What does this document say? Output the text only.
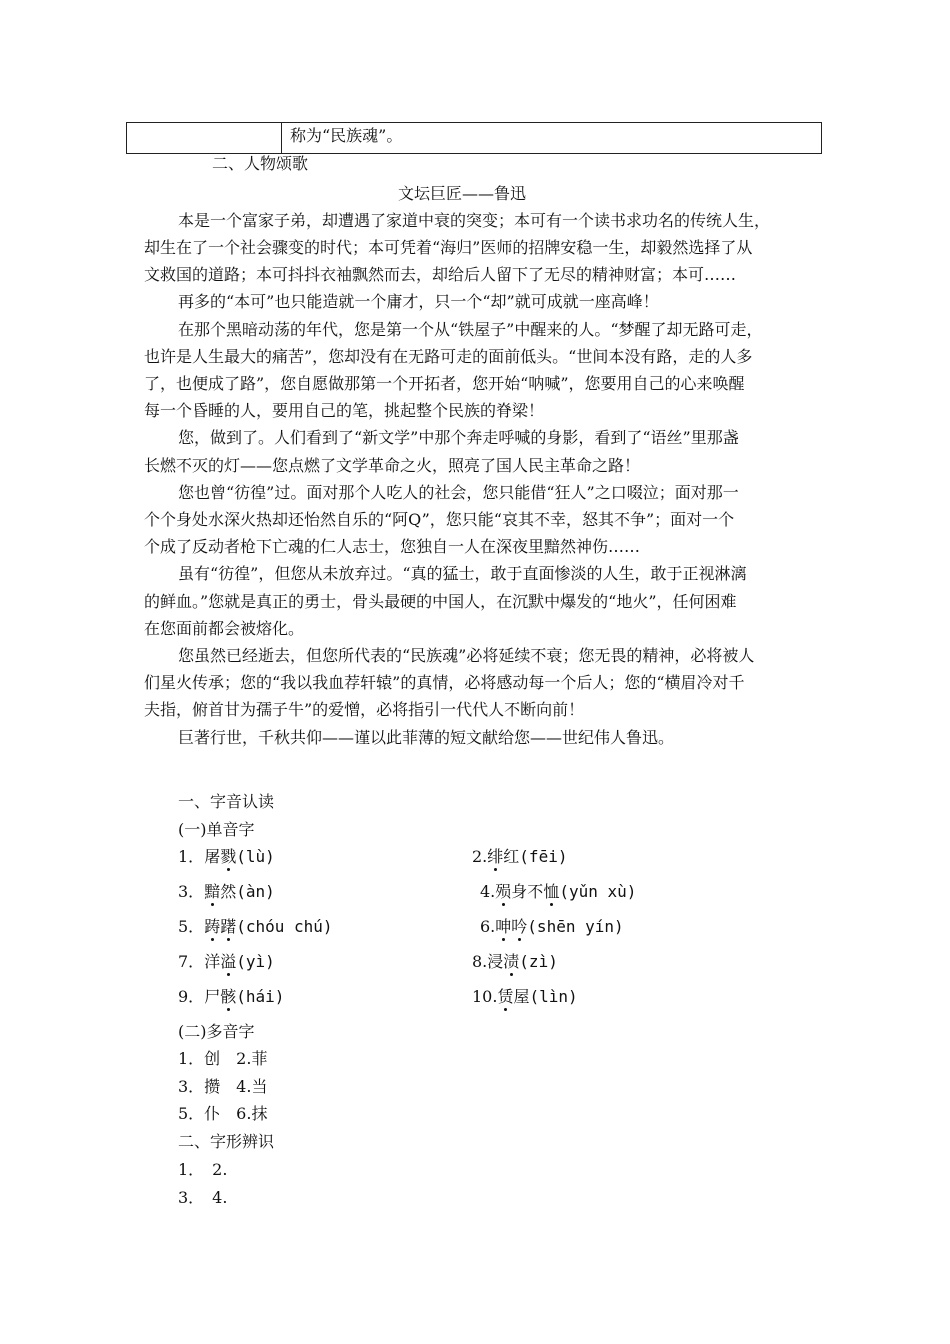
称为“民族魂”。
二、人物颂歌
文坛巨匠——鲁迅
本是一个富家子弟，却遭遇了家道中衰的突变；本可有一个读书求功名的传统人生，
却生在了一个社会骤变的时代；本可凭着“海归”医师的招牌安稳一生，却毅然选择了从
文救国的道路；本可抖抖衣袖飘然而去，却给后人留下了无尽的精神财富；本可……
再多的“本可”也只能造就一个庸才，只一个“却”就可成就一座高峰！
在那个黑暗动荡的年代，您是第一个从“铁屋子”中醒来的人。“梦醒了却无路可走，
也许是人生最大的痛苦”，您却没有在无路可走的面前低头。“世间本没有路，走的人多
了，也便成了路”，您自愿做那第一个开拓者，您开始“呐喊”，您要用自己的心来唤醒
每一个昏睡的人，要用自己的笔，挑起整个民族的脊梁！
您，做到了。人们看到了“新文学”中那个奔走呼喊的身影，看到了“语丝”里那盏
长燃不灭的灯——您点燃了文学革命之火，照亮了国人民主革命之路！
您也曾“彷徨”过。面对那个人吃人的社会，您只能借“狂人”之口啜泣；面对那一
个个身处水深火热却还怡然自乐的“阿Q”，您只能“哀其不幸，怒其不争”；面对一个
个成了反动者枪下亡魂的仁人志士，您独自一人在深夜里黯然神伤……
虽有“彷徨”，但您从未放弃过。“真的猛士，敢于直面惨淡的人生，敢于正视淋漓
的鲜血。”您就是真正的勇士，骨头最硬的中国人，在沉默中爆发的“地火”，任何困难
在您面前都会被熔化。
您虽然已经逝去，但您所代表的“民族魂”必将延续不衰；您无畏的精神，必将被人
们星火传承；您的“我以我血荐轩辕”的真情，必将感动每一个后人；您的“横眉冷对千
夫指，俯首甘为孺子牛”的爱憎，必将指引一代代人不断向前！
巨著行世，千秋共仰——谨以此菲薄的短文献给您——世纪伟人鲁迅。
一、字音认读
(一)单音字
1．屠戮(lù)	2.绯红(fēi)
3．黯然(àn)	4.殒身不恤(yǔn xù)
5．踌躇(chóu chú)	6.呻吟(shēn yín)
7．洋溢(yì)	8.浸渍(zì)
9．尸骸(hái)	10.赁屋(lìn)
(二)多音字
1．创　2.菲
3．攒　4.当
5．仆　6.抹
二、字形辨识
1．　2.
3．　4.
